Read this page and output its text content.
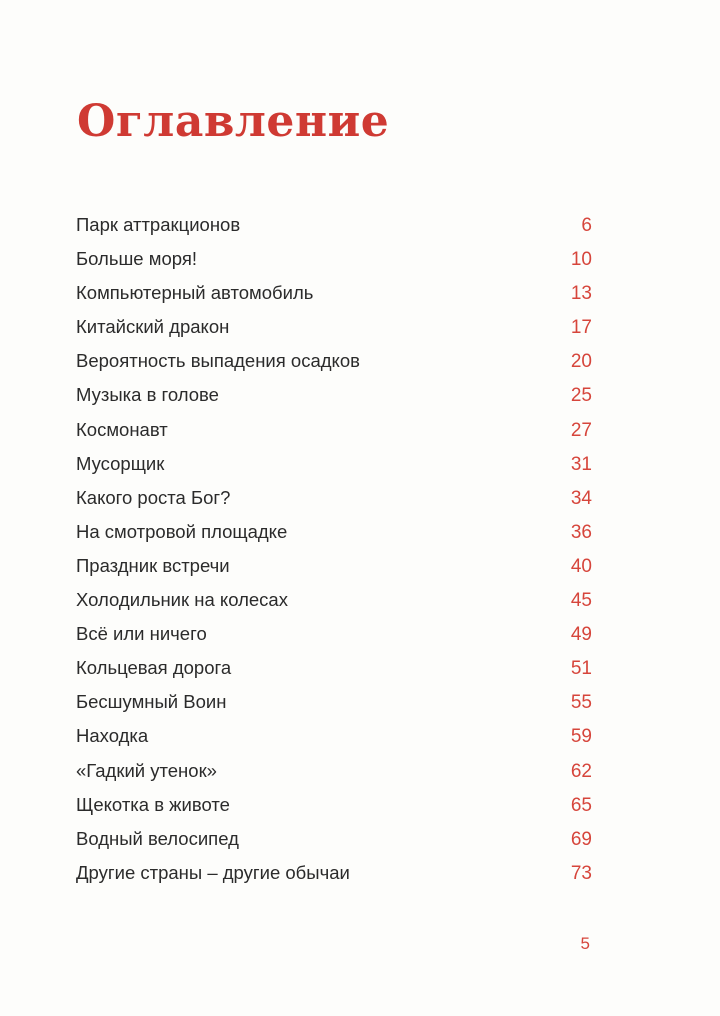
Оглавление
Парк аттракционов	6
Больше моря!	10
Компьютерный автомобиль	13
Китайский дракон	17
Вероятность выпадения осадков	20
Музыка в голове	25
Космонавт	27
Мусорщик	31
Какого роста Бог?	34
На смотровой площадке	36
Праздник встречи	40
Холодильник на колесах	45
Всё или ничего	49
Кольцевая дорога	51
Бесшумный Воин	55
Находка	59
«Гадкий утенок»	62
Щекотка в животе	65
Водный велосипед	69
Другие страны – другие обычаи	73
5
